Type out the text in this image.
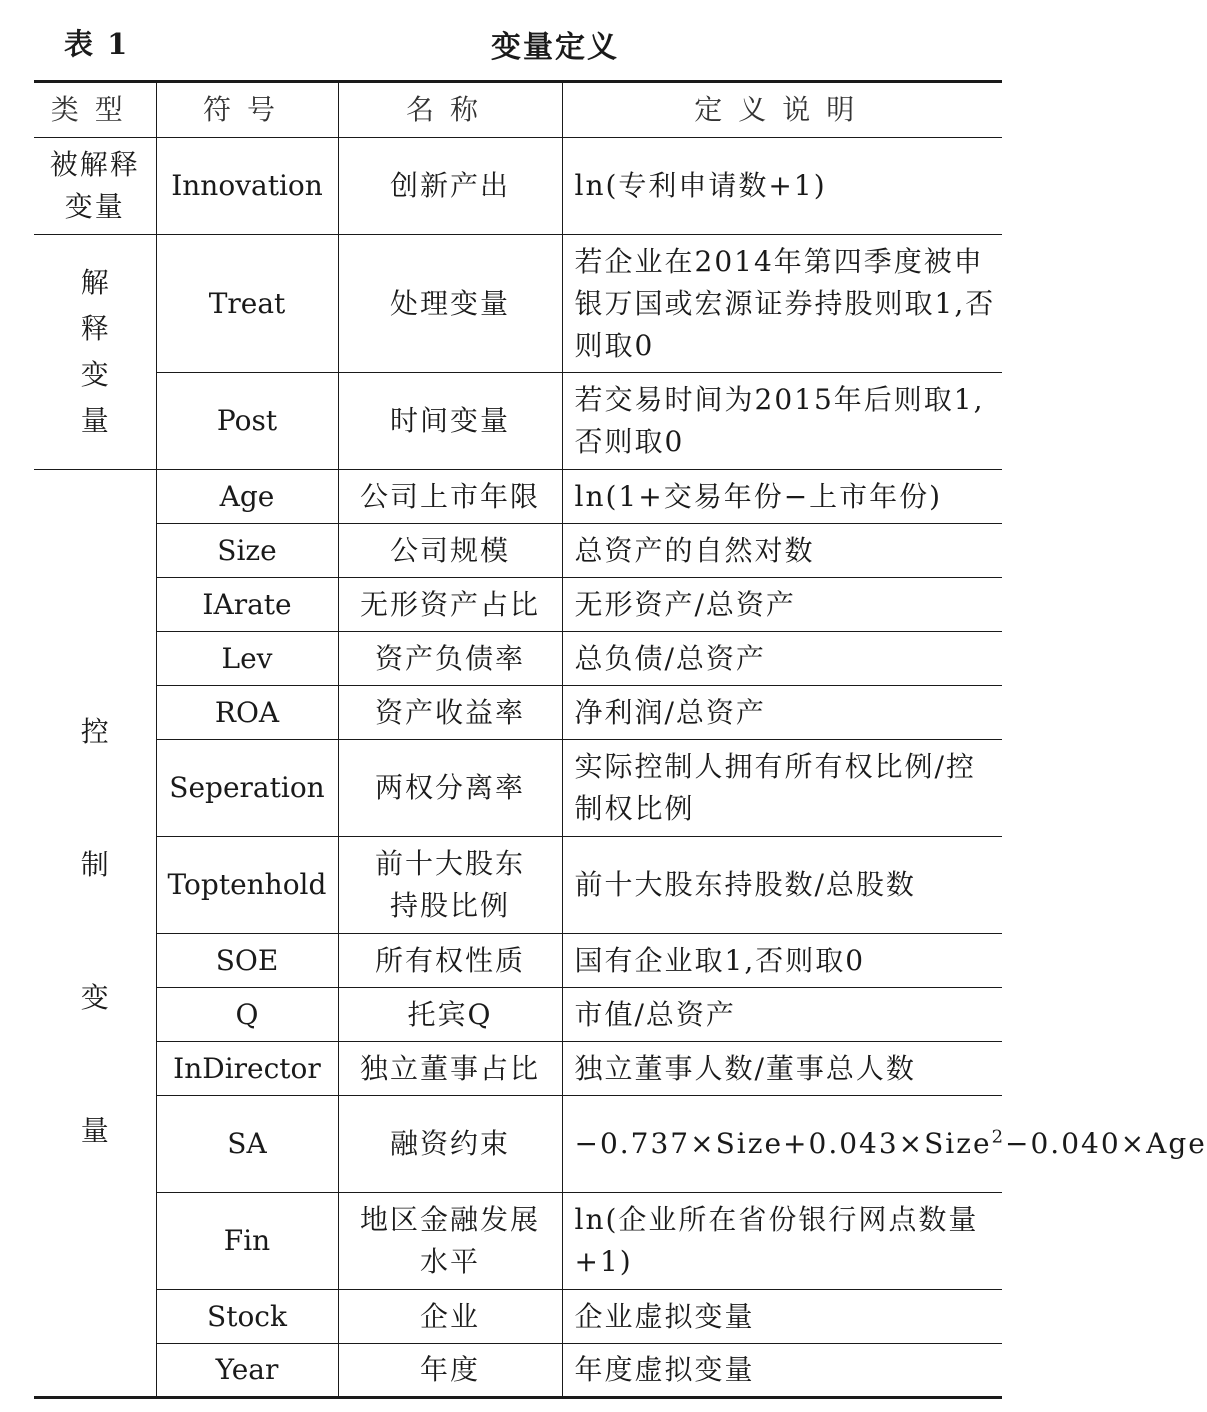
表 1	变量定义
类型	符号	名称	定义说明

被解释变量	Innovation	创新产出	ln(专利申请数+1)

解释变量	Treat	处理变量	若企业在2014年第四季度被申银万国或宏源证券持股则取1,否则取0
	Post	时间变量	若交易时间为2015年后则取1,否则取0

控
制
变
量	Age	公司上市年限	ln(1+交易年份−上市年份)
	Size	公司规模	总资产的自然对数
	IArate	无形资产占比	无形资产/总资产
	Lev	资产负债率	总负债/总资产
	ROA	资产收益率	净利润/总资产
	Seperation	两权分离率	实际控制人拥有所有权比例/控制权比例
	Toptenhold	前十大股东持股比例	前十大股东持股数/总股数
	SOE	所有权性质	国有企业取1,否则取0
	Q	托宾Q	市值/总资产
	InDirector	独立董事占比	独立董事人数/董事总人数
	SA	融资约束	−0.737×Size+0.043×Size$^2$−0.040×Age
	Fin	地区金融发展水平	ln(企业所在省份银行网点数量+1)
	Stock	企业	企业虚拟变量
	Year	年度	年度虚拟变量
